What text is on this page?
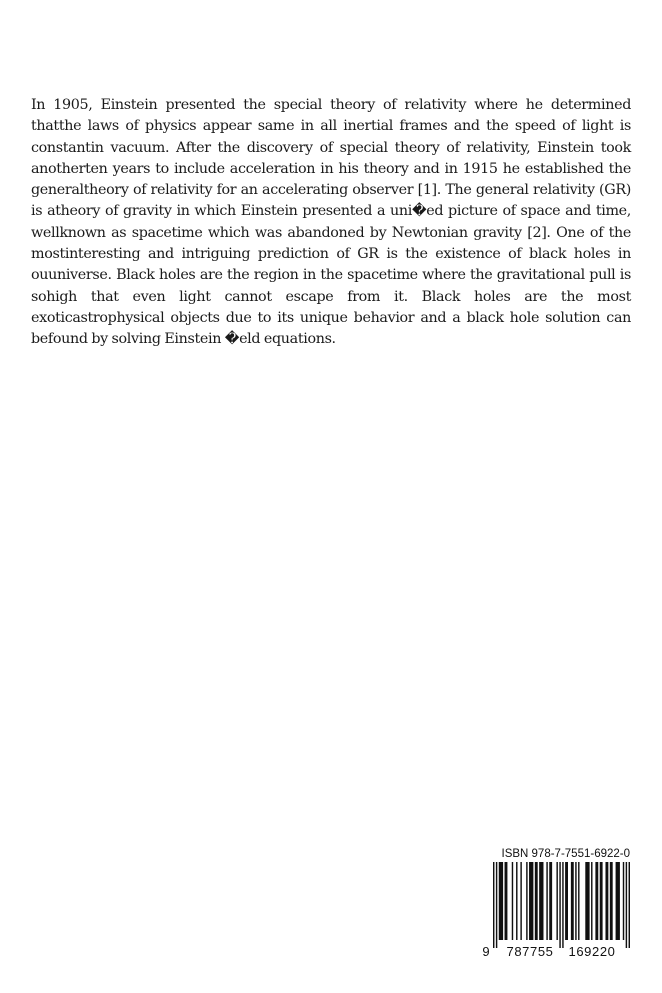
In 1905, Einstein presented the special theory of relativity where he determined thatthe laws of physics appear same in all inertial frames and the speed of light is constantin vacuum. After the discovery of special theory of relativity, Einstein took anotherten years to include acceleration in his theory and in 1915 he established the generaltheory of relativity for an accelerating observer [1]. The general relativity (GR) is atheory of gravity in which Einstein presented a uni�ed picture of space and time, wellknown as spacetime which was abandoned by Newtonian gravity [2]. One of the mostinteresting and intriguing prediction of GR is the existence of black holes in ouuniverse. Black holes are the region in the spacetime where the gravitational pull is sohigh that even light cannot escape from it. Black holes are the most exoticastrophysical objects due to its unique behavior and a black hole solution can befound by solving Einstein �eld equations.

ISBN 978-7-7551-6922-0

9 787755 169220
